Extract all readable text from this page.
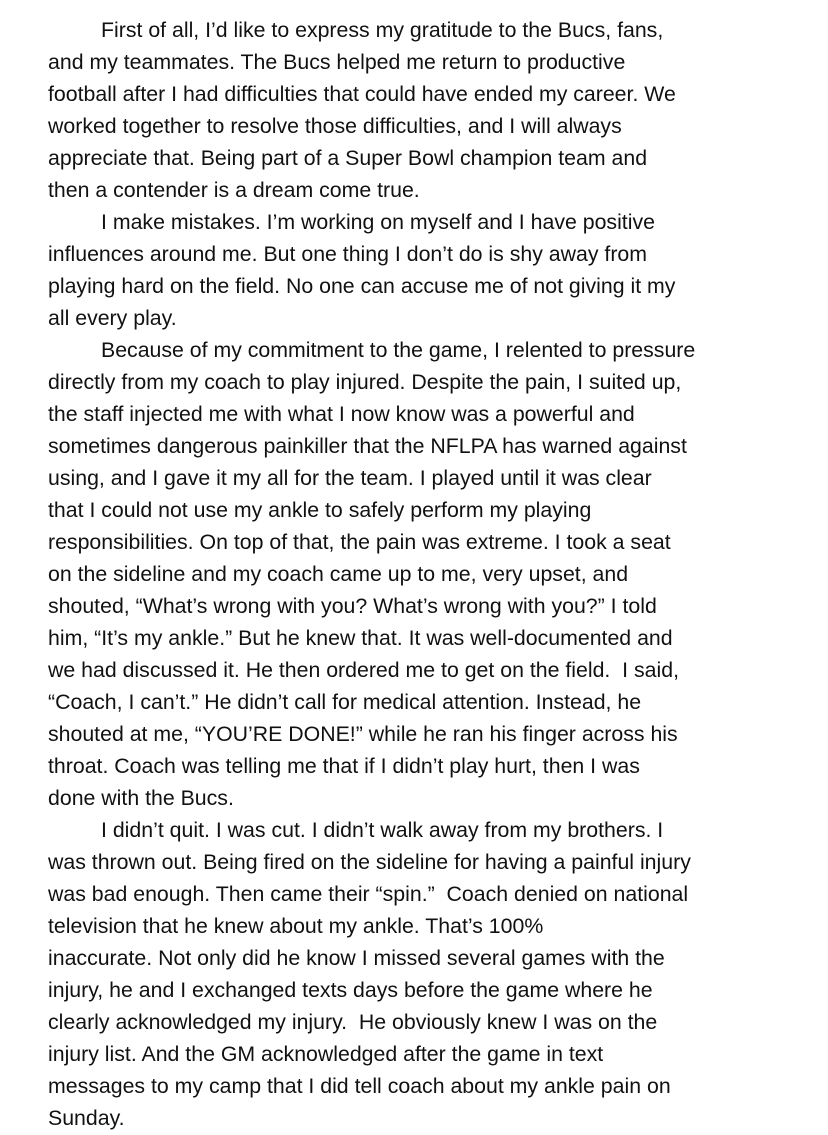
First of all, I’d like to express my gratitude to the Bucs, fans,
and my teammates. The Bucs helped me return to productive
football after I had difficulties that could have ended my career. We
worked together to resolve those difficulties, and I will always
appreciate that. Being part of a Super Bowl champion team and
then a contender is a dream come true.
I make mistakes. I’m working on myself and I have positive
influences around me. But one thing I don’t do is shy away from
playing hard on the field. No one can accuse me of not giving it my
all every play.
Because of my commitment to the game, I relented to pressure
directly from my coach to play injured. Despite the pain, I suited up,
the staff injected me with what I now know was a powerful and
sometimes dangerous painkiller that the NFLPA has warned against
using, and I gave it my all for the team. I played until it was clear
that I could not use my ankle to safely perform my playing
responsibilities. On top of that, the pain was extreme. I took a seat
on the sideline and my coach came up to me, very upset, and
shouted, “What’s wrong with you? What’s wrong with you?” I told
him, “It’s my ankle.” But he knew that. It was well-documented and
we had discussed it. He then ordered me to get on the field.  I said,
“Coach, I can’t.” He didn’t call for medical attention. Instead, he
shouted at me, “YOU’RE DONE!” while he ran his finger across his
throat. Coach was telling me that if I didn’t play hurt, then I was
done with the Bucs.
I didn’t quit. I was cut. I didn’t walk away from my brothers. I
was thrown out. Being fired on the sideline for having a painful injury
was bad enough. Then came their “spin.”  Coach denied on national
television that he knew about my ankle. That’s 100%
inaccurate. Not only did he know I missed several games with the
injury, he and I exchanged texts days before the game where he
clearly acknowledged my injury.  He obviously knew I was on the
injury list. And the GM acknowledged after the game in text
messages to my camp that I did tell coach about my ankle pain on
Sunday.
